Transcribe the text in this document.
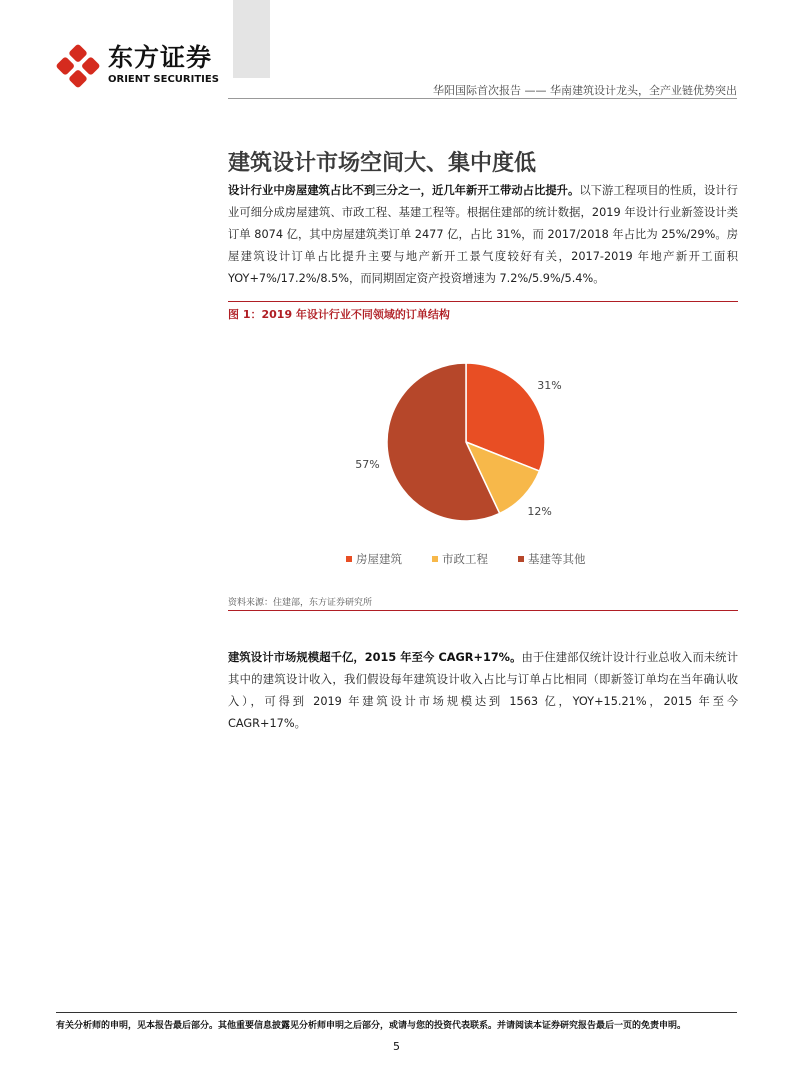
东方证券
ORIENT SECURITIES
华阳国际首次报告 —— 华南建筑设计龙头，全产业链优势突出
建筑设计市场空间大、集中度低
设计行业中房屋建筑占比不到三分之一，近几年新开工带动占比提升。以下游工程项目的性质，设计行业可细分成房屋建筑、市政工程、基建工程等。根据住建部的统计数据，2019 年设计行业新签设计类订单 8074 亿，其中房屋建筑类订单 2477 亿，占比 31%，而 2017/2018 年占比为 25%/29%。房屋建筑设计订单占比提升主要与地产新开工景气度较好有关，2017-2019 年地产新开工面积 YOY+7%/17.2%/8.5%，而同期固定资产投资增速为 7.2%/5.9%/5.4%。
图 1：2019 年设计行业不同领域的订单结构
31%
12%
57%
房屋建筑	市政工程	基建等其他
资料来源：住建部，东方证券研究所
建筑设计市场规模超千亿，2015 年至今 CAGR+17%。由于住建部仅统计设计行业总收入而未统计其中的建筑设计收入，我们假设每年建筑设计收入占比与订单占比相同（即新签订单均在当年确认收入），可得到 2019 年建筑设计市场规模达到 1563 亿，YOY+15.21%，2015 年至今 CAGR+17%。
有关分析师的申明，见本报告最后部分。其他重要信息披露见分析师申明之后部分，或请与您的投资代表联系。并请阅读本证券研究报告最后一页的免责申明。
5
